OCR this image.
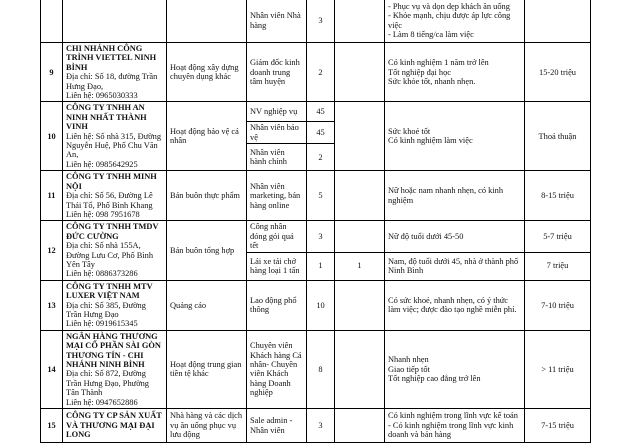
			Nhân viên Nhà hàng	3		- Phục vụ và dọn dẹp khách ăn uống
- Khỏe mạnh, chịu được áp lực công việc
- Làm 8 tiếng/ca làm việc	

9	CHI NHÁNH CÔNG TRÌNH VIETTEL NINH BÌNH
Địa chỉ: Số 18, đường Trần Hưng Đạo,
Liên hệ: 0965030333	Hoạt động xây dựng chuyên dụng khác	Giám đốc kinh doanh trung tâm huyện	2		Có kinh nghiệm 1 năm trở lên
Tốt nghiệp đại học
Sức khỏe tốt, nhanh nhẹn.	15-20 triệu
10	CÔNG TY TNHH AN NINH NHẤT THÀNH VINH
Liên hệ: Số nhà 315, Đường Nguyễn Huệ, Phố Chu Văn An,
Liên hệ: 0985642925	Hoạt động bảo vệ cá nhân	NV nghiệp vụ	45		Sức khoẻ tốt
Có kinh nghiệm làm việc	Thoả thuận
			Nhân viên bảo vệ	45			
			Nhân viên hành chính	2			
11	CÔNG TY TNHH MINH NỘI
Địa chỉ: Số 56, Đường Lê Thái Tổ, Phố Bình Khang
Liên hệ: 098 7951678	Bán buôn thực phẩm	Nhân viên marketing, bán hàng online	5		Nữ hoặc nam nhanh nhẹn, có kinh nghiệm	8-15 triệu
12	CÔNG TY TNHH TMDV ĐỨC CƯỜNG
Địa chỉ: Số nhà 155A, Đường Lưu Cơ, Phố Bình Yên Tây
Liên hệ: 0886373286	Bán buôn tổng hợp	Công nhân đóng gói quả tết	3		Nữ độ tuổi dưới 45-50	5-7 triệu
			Lái xe tải chở hàng loại 1 tấn	1	1	Nam, độ tuổi dưới 45, nhà ở thành phố Ninh Bình	7 triệu
13	CÔNG TY TNHH MTV LUXER VIỆT NAM
Địa chỉ: Số 385, Đường Trần Hưng Đạo
Liên hệ: 0919615345	Quảng cáo	Lao động phổ thông	10		Có sức khoẻ, nhanh nhẹn, có ý thức làm việc; được đào tạo nghề miễn phí.	7-10 triệu
14	NGÂN HÀNG THƯƠNG MẠI CỔ PHẦN SÀI GÒN THƯƠNG TÍN - CHI NHÁNH NINH BÌNH
Địa chỉ: Số 872, Đường Trần Hưng Đạo, Phường Tân Thành
Liên hệ: 0947652886	Hoạt động trung gian tiền tệ khác	Chuyên viên Khách hàng Cá nhân- Chuyên viên Khách hàng Doanh nghiệp	8		Nhanh nhẹn
Giao tiếp tốt
Tốt nghiệp cao đẳng trở lên	> 11 triệu
15	CÔNG TY CP SẢN XUẤT VÀ THƯƠNG MẠI ĐẠI LONG	Nhà hàng và các dịch vụ ăn uống phục vụ lưu động	Sale admin - Nhân viên	3		Có kinh nghiệm trong lĩnh vực kế toán
- Có kinh nghiệm trong lĩnh vực kinh doanh và bán hàng	7-15 triệu
